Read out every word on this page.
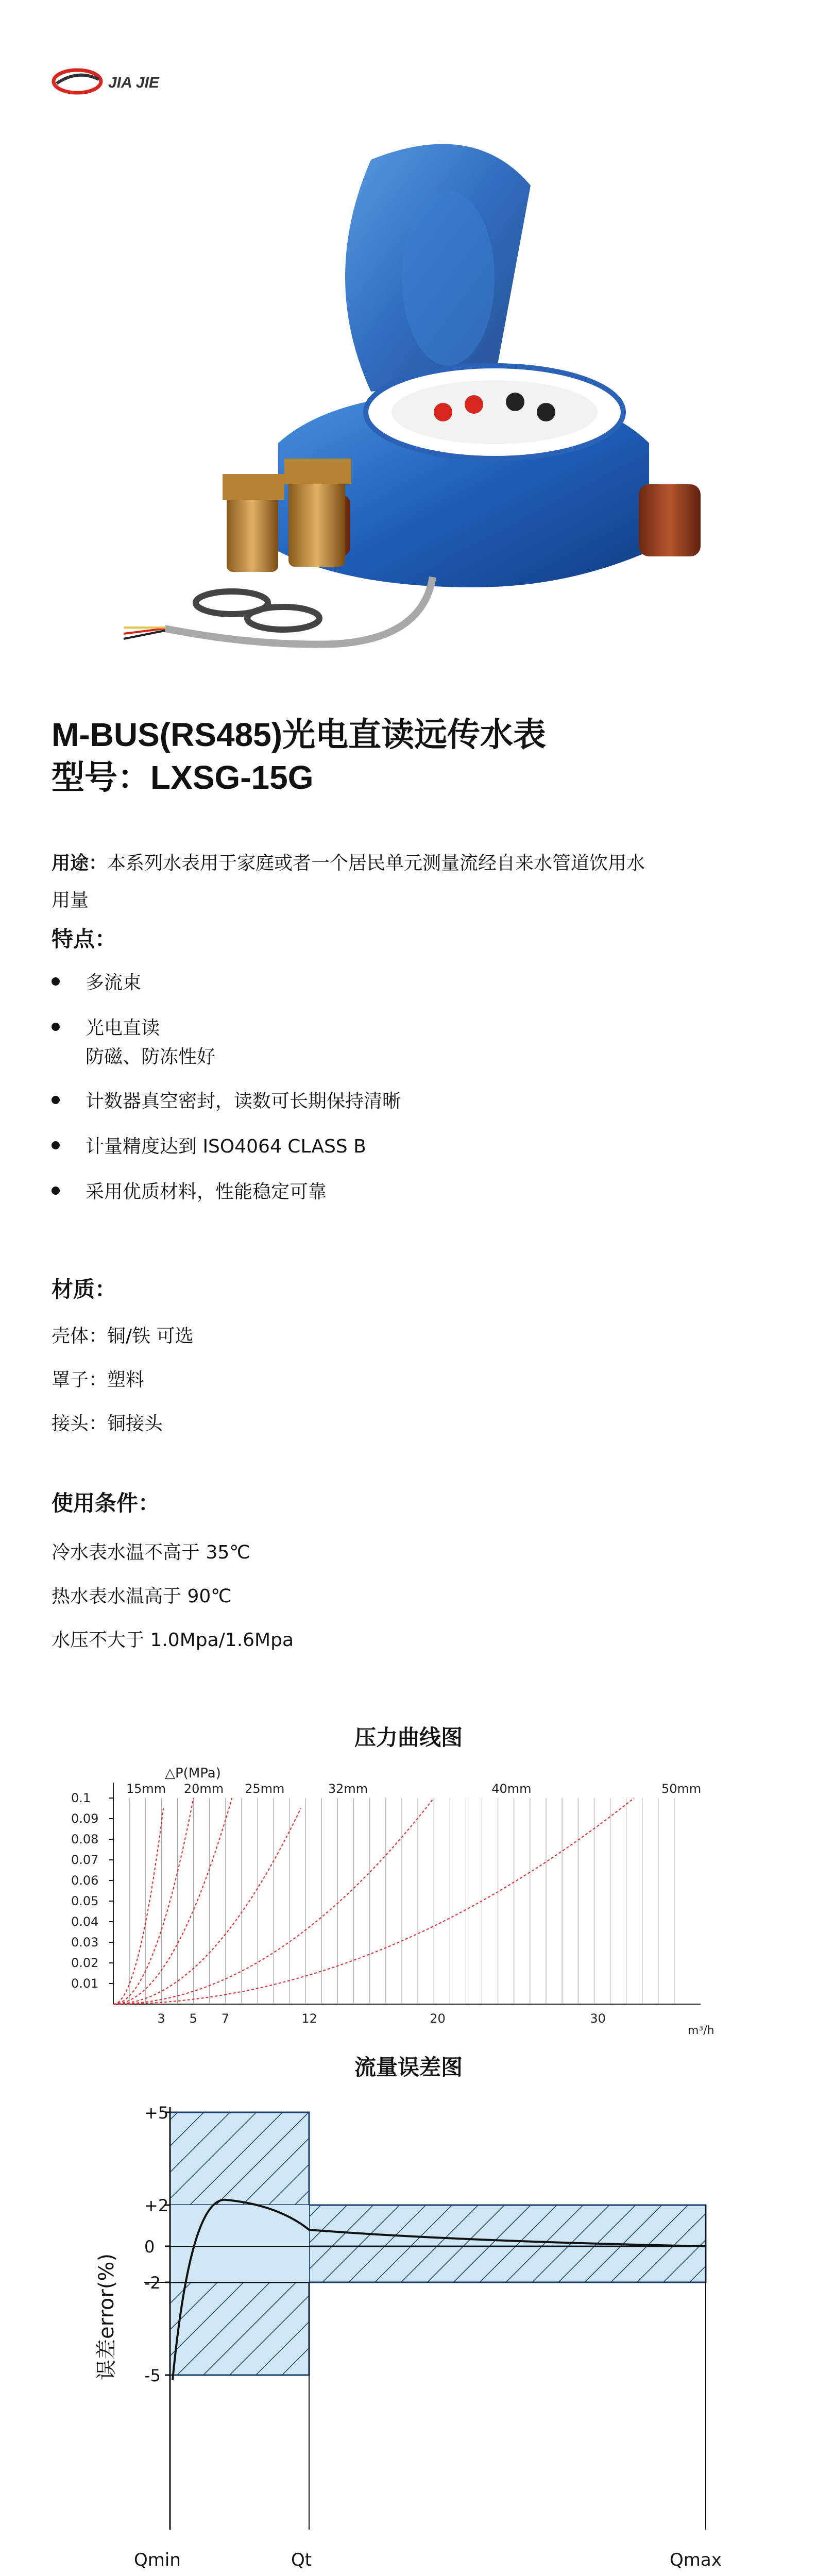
JIA JIE
M-BUS(RS485)光电直读远传水表
型号：LXSG-15G
用途：本系列水表用于家庭或者一个居民单元测量流经自来水管道饮用水
用量
特点：
多流束
光电直读
防磁、防冻性好
计数器真空密封，读数可长期保持清晰
计量精度达到 ISO4064 CLASS B
采用优质材料，性能稳定可靠
材质：
壳体：铜/铁 可选
罩子：塑料
接头：铜接头
使用条件：
冷水表水温不高于 35℃
热水表水温高于 90℃
水压不大于 1.0Mpa/1.6Mpa
压力曲线图
△P(MPa)
0.1
0.09
0.08
0.07
0.06
0.05
0.04
0.03
0.02
0.01
3 5 7	12	20	30
15mm 20mm 25mm	32mm	40mm	50mm
m³/h
流量误差图
+5
+2
0
-2
-5
误差error(%)
Qmin	Qt	Qmax
